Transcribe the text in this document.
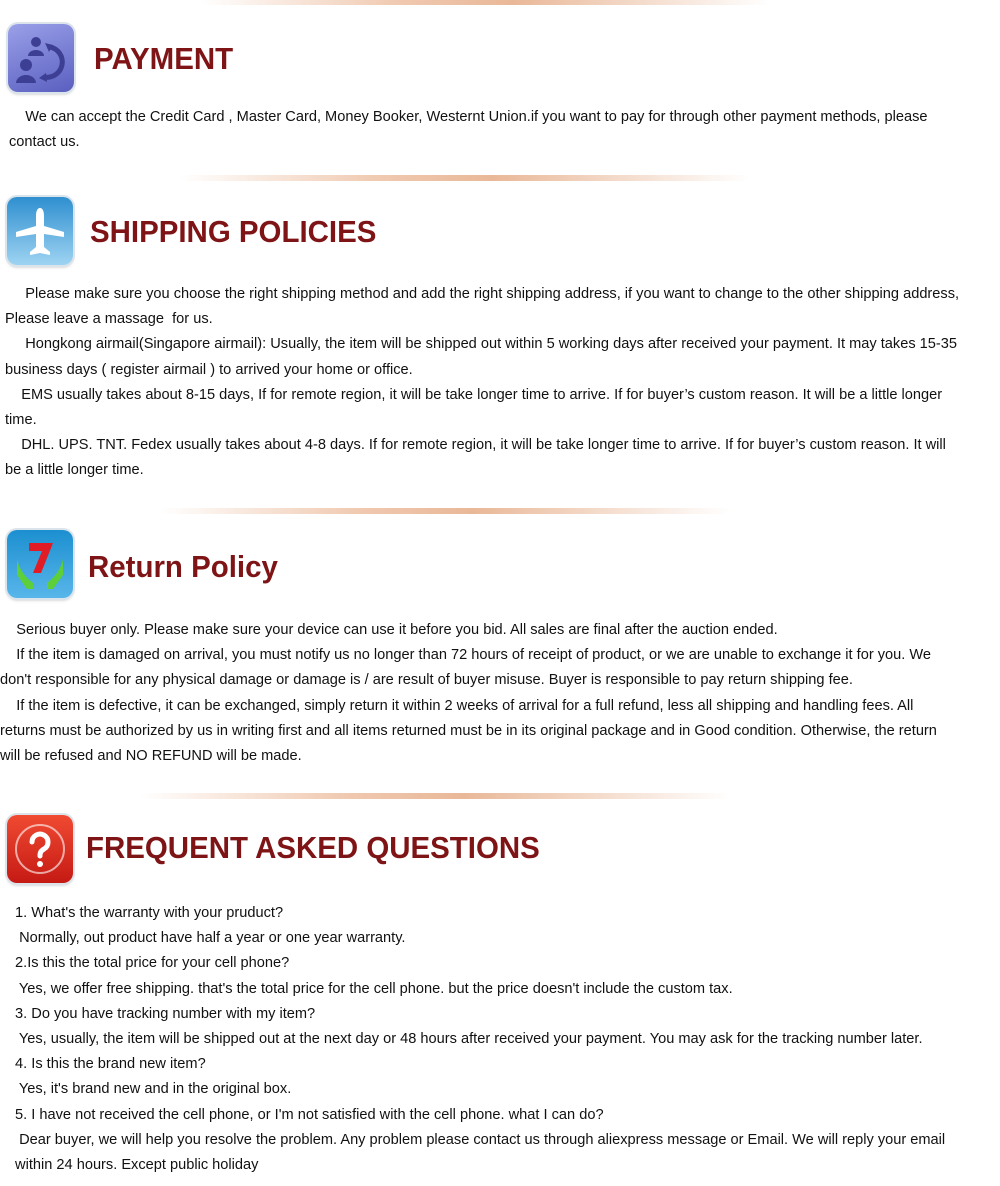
PAYMENT
We can accept the Credit Card , Master Card, Money Booker, Westernt Union.if you want to pay for through other payment methods, please
contact us.
SHIPPING POLICIES
Please make sure you choose the right shipping method and add the right shipping address, if you want to change to the other shipping address,
Please leave a massage  for us.
Hongkong airmail(Singapore airmail): Usually, the item will be shipped out within 5 working days after received your payment. It may takes 15-35
business days ( register airmail ) to arrived your home or office.
EMS usually takes about 8-15 days, If for remote region, it will be take longer time to arrive. If for buyer’s custom reason. It will be a little longer
time.
DHL. UPS. TNT. Fedex usually takes about 4-8 days. If for remote region, it will be take longer time to arrive. If for buyer’s custom reason. It will
be a little longer time.
Return Policy
Serious buyer only. Please make sure your device can use it before you bid. All sales are final after the auction ended.
If the item is damaged on arrival, you must notify us no longer than 72 hours of receipt of product, or we are unable to exchange it for you. We
don't responsible for any physical damage or damage is / are result of buyer misuse. Buyer is responsible to pay return shipping fee.
If the item is defective, it can be exchanged, simply return it within 2 weeks of arrival for a full refund, less all shipping and handling fees. All
returns must be authorized by us in writing first and all items returned must be in its original package and in Good condition. Otherwise, the return
will be refused and NO REFUND will be made.
FREQUENT ASKED QUESTIONS
1. What's the warranty with your pruduct?
Normally, out product have half a year or one year warranty.
2.Is this the total price for your cell phone?
Yes, we offer free shipping. that's the total price for the cell phone. but the price doesn't include the custom tax.
3. Do you have tracking number with my item?
Yes, usually, the item will be shipped out at the next day or 48 hours after received your payment. You may ask for the tracking number later.
4. Is this the brand new item?
Yes, it's brand new and in the original box.
5. I have not received the cell phone, or I'm not satisfied with the cell phone. what I can do?
Dear buyer, we will help you resolve the problem. Any problem please contact us through aliexpress message or Email. We will reply your email
within 24 hours. Except public holiday
